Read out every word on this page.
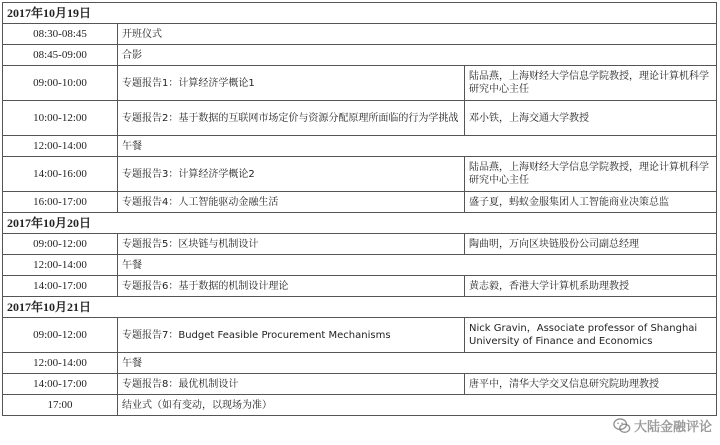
2017年10月19日		
08:30-08:45	开班仪式	
08:45-09:00	合影	
09:00-10:00	专题报告1：计算经济学概论1	陆品燕，上海财经大学信息学院教授，理论计算机科学研究中心主任
10:00-12:00	专题报告2：基于数据的互联网市场定价与资源分配原理所面临的行为学挑战	邓小铁，上海交通大学教授
12:00-14:00	午餐	
14:00-16:00	专题报告3：计算经济学概论2	陆品燕，上海财经大学信息学院教授，理论计算机科学研究中心主任
16:00-17:00	专题报告4：人工智能驱动金融生活	盛子夏，蚂蚁金服集团人工智能商业决策总监
2017年10月20日		
09:00-12:00	专题报告5：区块链与机制设计	陶曲明，万向区块链股份公司副总经理
12:00-14:00	午餐	
14:00-17:00	专题报告6：基于数据的机制设计理论	黄志毅，香港大学计算机系助理教授
2017年10月21日		
09:00-12:00	专题报告7：Budget Feasible Procurement Mechanisms	Nick Gravin，Associate professor of Shanghai University of Finance and Economics
12:00-14:00	午餐	
14:00-17:00	专题报告8：最优机制设计	唐平中，清华大学交叉信息研究院助理教授
17:00	结业式（如有变动，以现场为准）	
大陆金融评论
